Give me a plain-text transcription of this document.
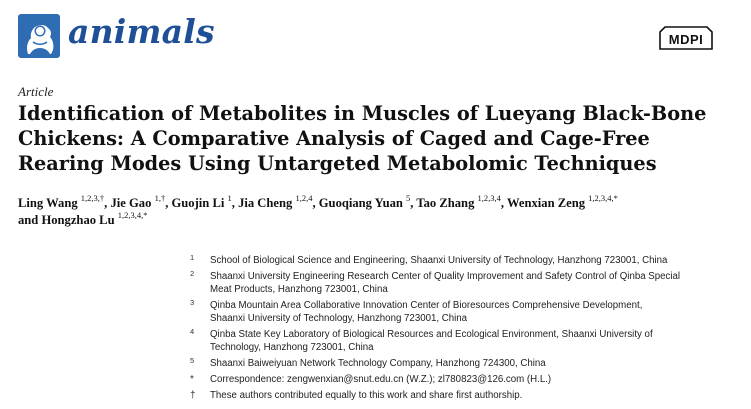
animals	MDPI
Article
Identification of Metabolites in Muscles of Lueyang Black-Bone
Chickens: A Comparative Analysis of Caged and Cage-Free
Rearing Modes Using Untargeted Metabolomic Techniques
Ling Wang $^{1,2,3,\dagger}$, Jie Gao $^{1,\dagger}$, Guojin Li $^1$, Jia Cheng $^{1,2,4}$, Guoqiang Yuan $^5$, Tao Zhang $^{1,2,3,4}$, Wenxian Zeng $^{1,2,3,4,*}$
and Hongzhao Lu $^{1,2,3,4,*}$
1 School of Biological Science and Engineering, Shaanxi University of Technology, Hanzhong 723001, China
2 Shaanxi University Engineering Research Center of Quality Improvement and Safety Control of Qinba Special
Meat Products, Hanzhong 723001, China
3 Qinba Mountain Area Collaborative Innovation Center of Bioresources Comprehensive Development,
Shaanxi University of Technology, Hanzhong 723001, China
4 Qinba State Key Laboratory of Biological Resources and Ecological Environment, Shaanxi University of
Technology, Hanzhong 723001, China
5 Shaanxi Baiweiyuan Network Technology Company, Hanzhong 724300, China
* Correspondence: zengwenxian@snut.edu.cn (W.Z.); zl780823@126.com (H.L.)
† These authors contributed equally to this work and share first authorship.
